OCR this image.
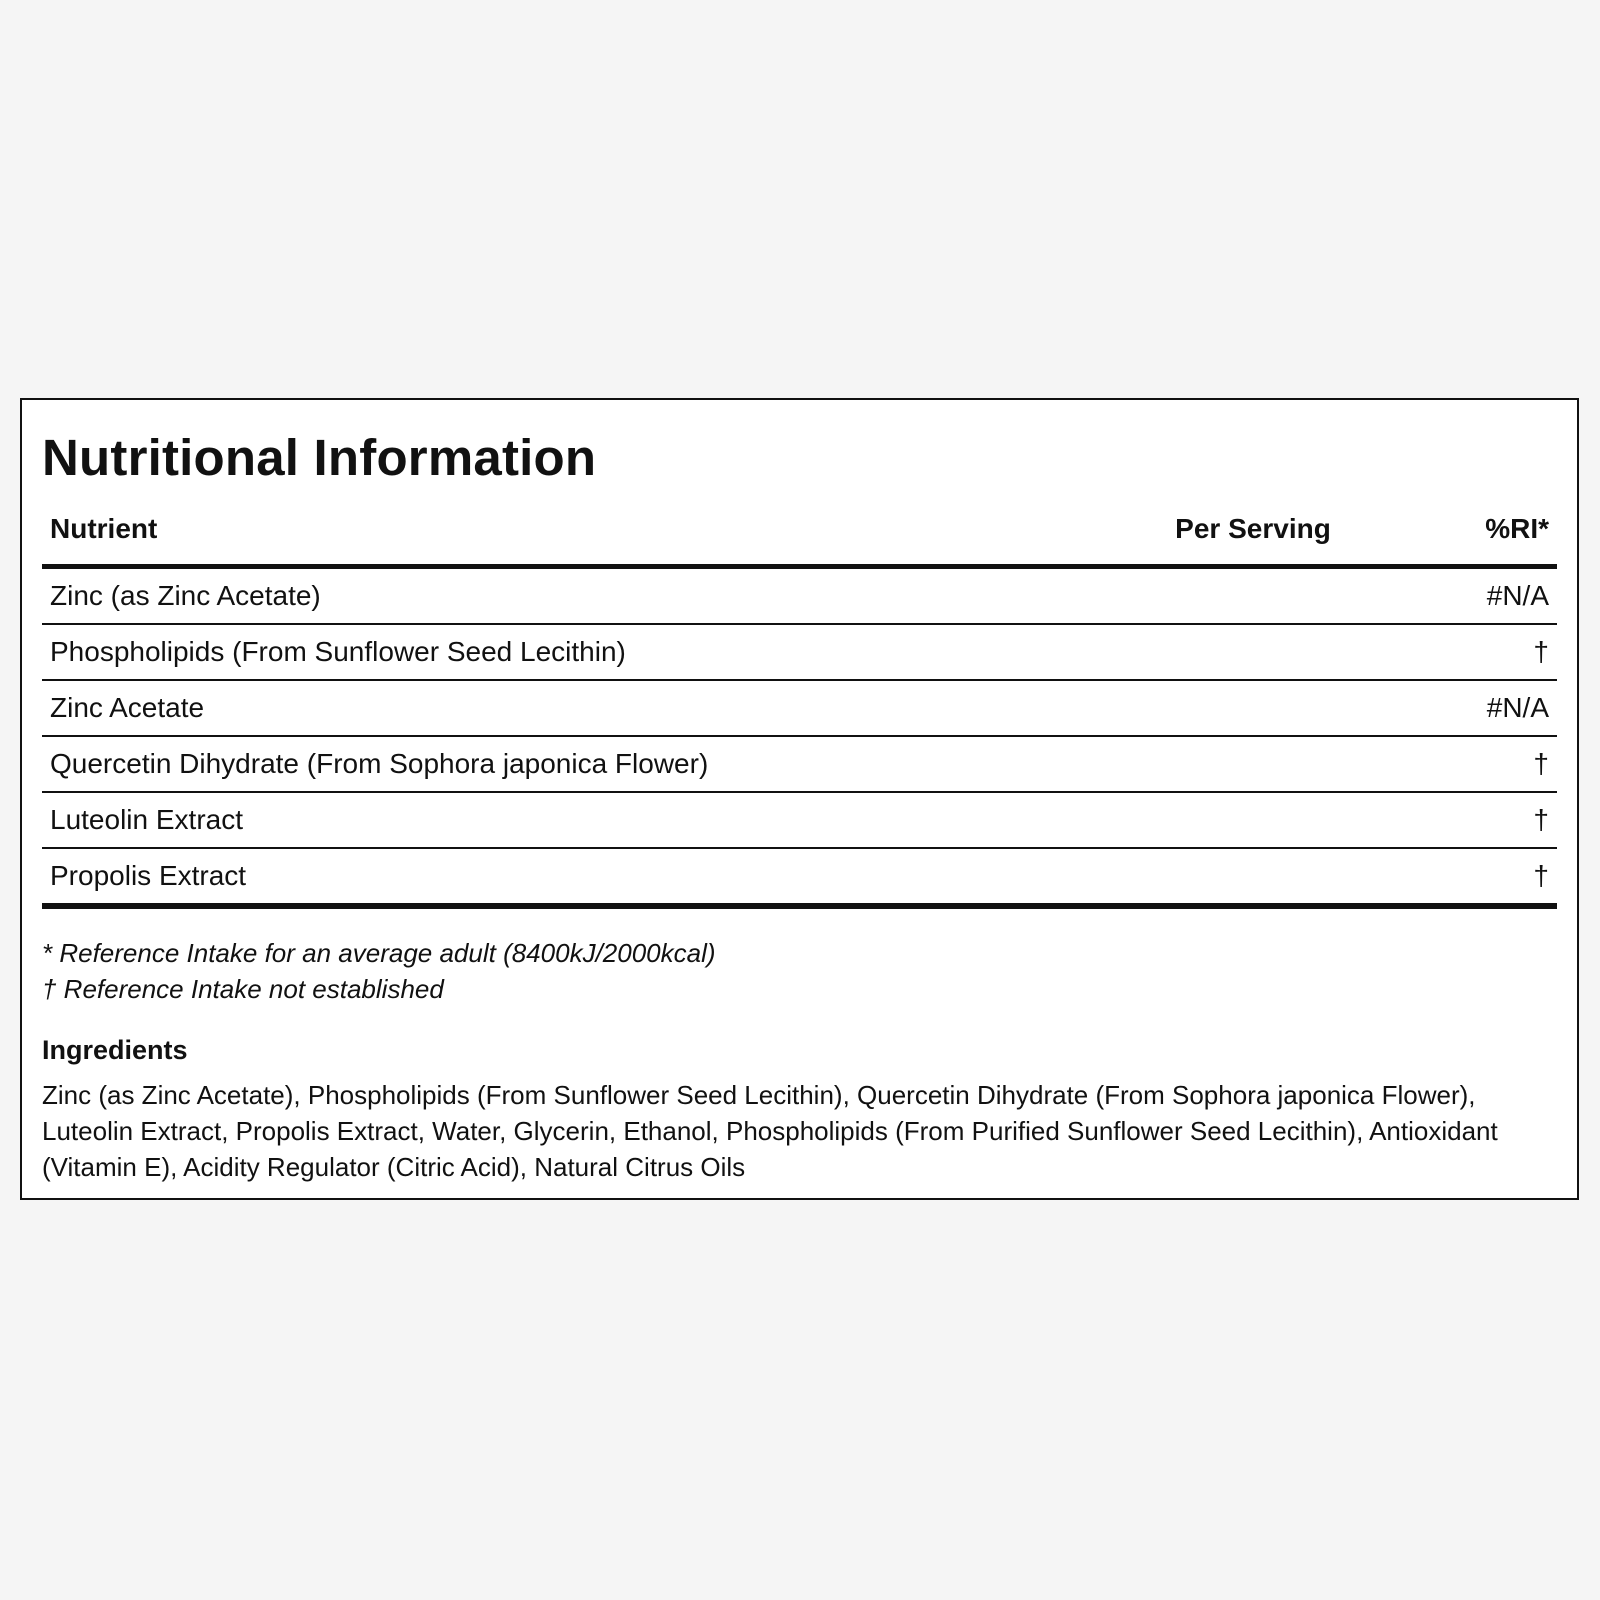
Nutritional Information
Nutrient	Per Serving	%RI*
Zinc (as Zinc Acetate)		#N/A
Phospholipids (From Sunflower Seed Lecithin)		†
Zinc Acetate		#N/A
Quercetin Dihydrate (From Sophora japonica Flower)		†
Luteolin Extract		†
Propolis Extract		†
* Reference Intake for an average adult (8400kJ/2000kcal)
† Reference Intake not established
Ingredients
Zinc (as Zinc Acetate), Phospholipids (From Sunflower Seed Lecithin), Quercetin Dihydrate (From Sophora japonica Flower), Luteolin Extract, Propolis Extract, Water, Glycerin, Ethanol, Phospholipids (From Purified Sunflower Seed Lecithin), Antioxidant (Vitamin E), Acidity Regulator (Citric Acid), Natural Citrus Oils
